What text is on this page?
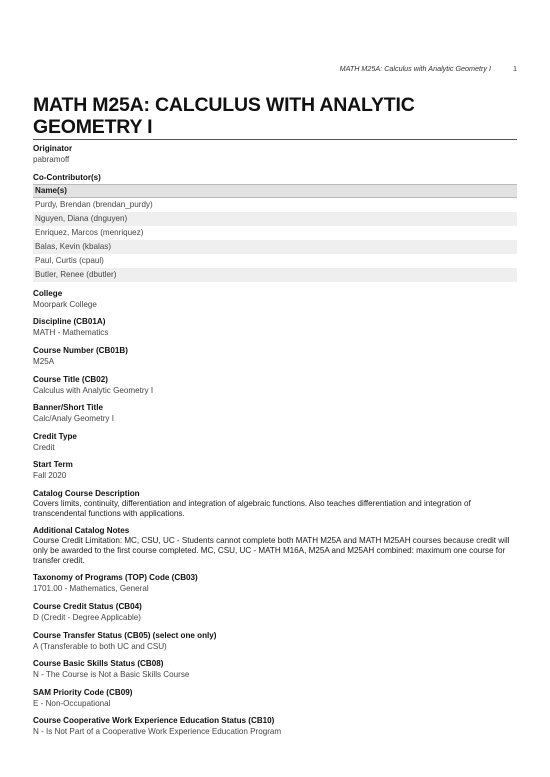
MATH M25A: Calculus with Analytic Geometry I	1
MATH M25A: CALCULUS WITH ANALYTIC GEOMETRY I
Originator
pabramoff
Co-Contributor(s)
Name(s)
Purdy, Brendan (brendan_purdy)
Nguyen, Diana (dnguyen)
Enriquez, Marcos (menriquez)
Balas, Kevin (kbalas)
Paul, Curtis (cpaul)
Butler, Renee (dbutler)
College
Moorpark College
Discipline (CB01A)
MATH - Mathematics
Course Number (CB01B)
M25A
Course Title (CB02)
Calculus with Analytic Geometry I
Banner/Short Title
Calc/Analy Geometry I
Credit Type
Credit
Start Term
Fall 2020
Catalog Course Description
Covers limits, continuity, differentiation and integration of algebraic functions. Also teaches differentiation and integration of transcendental functions with applications.
Additional Catalog Notes
Course Credit Limitation: MC, CSU, UC - Students cannot complete both MATH M25A and MATH M25AH courses because credit will only be awarded to the first course completed. MC, CSU, UC - MATH M16A, M25A and M25AH combined: maximum one course for transfer credit.
Taxonomy of Programs (TOP) Code (CB03)
1701.00 - Mathematics, General
Course Credit Status (CB04)
D (Credit - Degree Applicable)
Course Transfer Status (CB05) (select one only)
A (Transferable to both UC and CSU)
Course Basic Skills Status (CB08)
N - The Course is Not a Basic Skills Course
SAM Priority Code (CB09)
E - Non-Occupational
Course Cooperative Work Experience Education Status (CB10)
N - Is Not Part of a Cooperative Work Experience Education Program
